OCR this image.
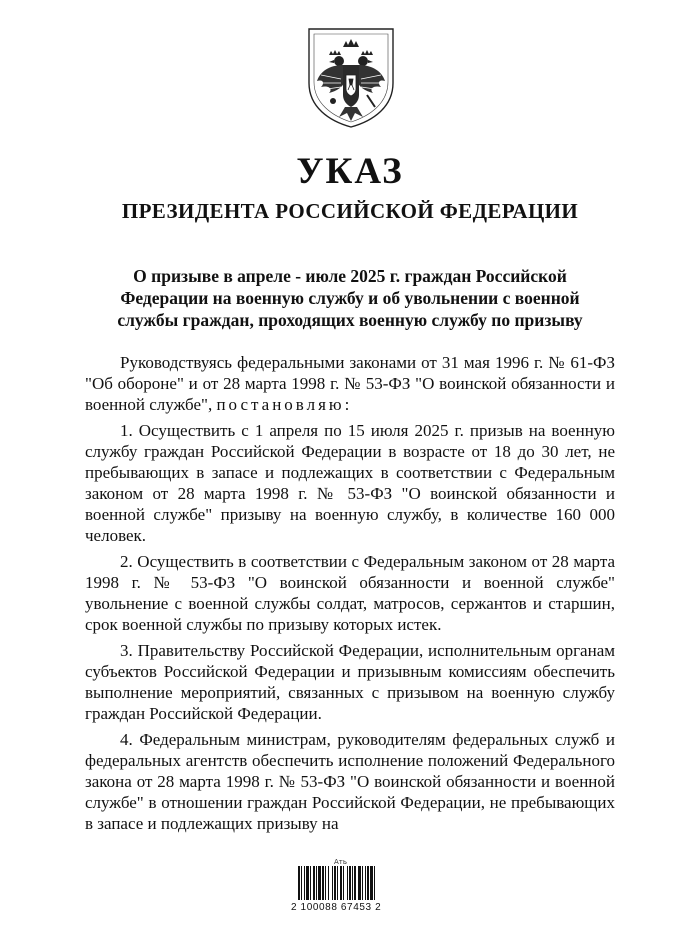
УКАЗ
ПРЕЗИДЕНТА РОССИЙСКОЙ ФЕДЕРАЦИИ
О призыве в апреле - июле 2025 г. граждан Российской
Федерации на военную службу и об увольнении с военной
службы граждан, проходящих военную службу по призыву

Руководствуясь федеральными законами от 31 мая 1996 г. № 61-ФЗ "Об обороне" и от 28 марта 1998 г. № 53-ФЗ "О воинской обязанности и военной службе", постановляю:

1. Осуществить с 1 апреля по 15 июля 2025 г. призыв на военную службу граждан Российской Федерации в возрасте от 18 до 30 лет, не пребывающих в запасе и подлежащих в соответствии с Федеральным законом от 28 марта 1998 г. № 53-ФЗ "О воинской обязанности и военной службе" призыву на военную службу, в количестве 160 000 человек.

2. Осуществить в соответствии с Федеральным законом от 28 марта 1998 г. № 53-ФЗ "О воинской обязанности и военной службе" увольнение с военной службы солдат, матросов, сержантов и старшин, срок военной службы по призыву которых истек.

3. Правительству Российской Федерации, исполнительным органам субъектов Российской Федерации и призывным комиссиям обеспечить выполнение мероприятий, связанных с призывом на военную службу граждан Российской Федерации.

4. Федеральным министрам, руководителям федеральных служб и федеральных агентств обеспечить исполнение положений Федерального закона от 28 марта 1998 г. № 53-ФЗ "О воинской обязанности и военной службе" в отношении граждан Российской Федерации, не пребывающих в запасе и подлежащих призыву на

Ать
2 100088 67453 2
